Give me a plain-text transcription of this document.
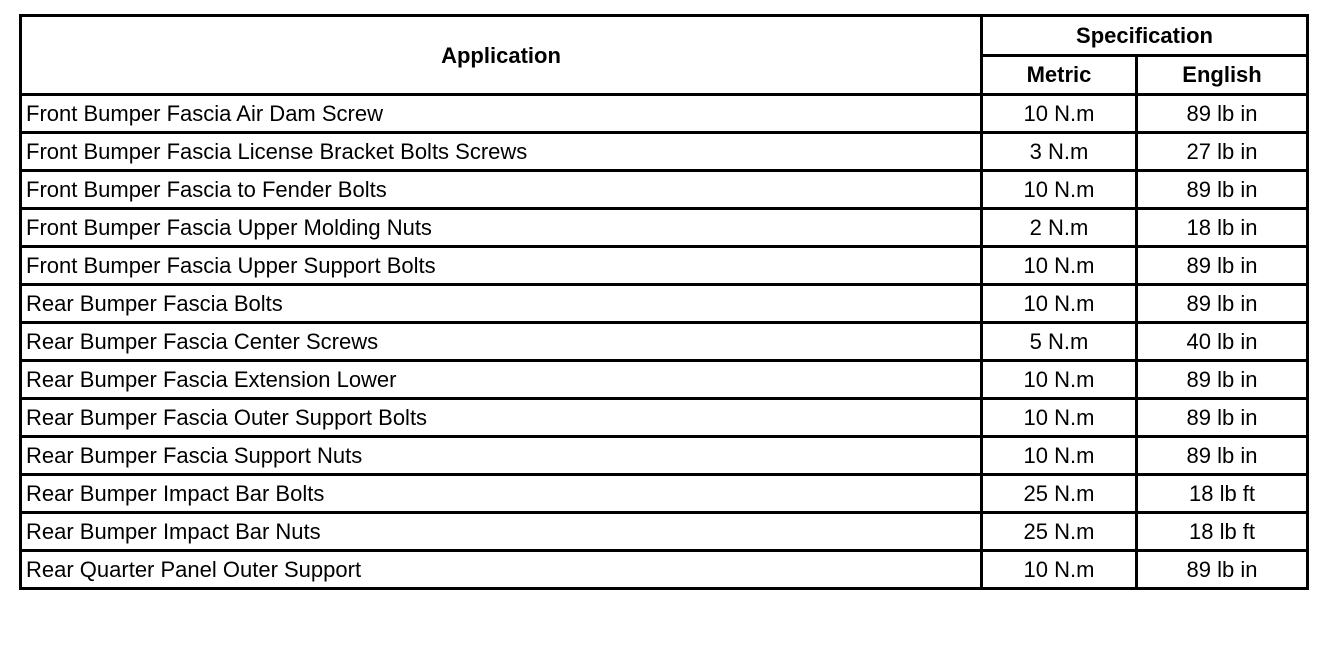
Application	Specification	
	Metric	English
Front Bumper Fascia Air Dam Screw	10 N.m	89 lb in
Front Bumper Fascia License Bracket Bolts Screws	3 N.m	27 lb in
Front Bumper Fascia to Fender Bolts	10 N.m	89 lb in
Front Bumper Fascia Upper Molding Nuts	2 N.m	18 lb in
Front Bumper Fascia Upper Support Bolts	10 N.m	89 lb in
Rear Bumper Fascia Bolts	10 N.m	89 lb in
Rear Bumper Fascia Center Screws	5 N.m	40 lb in
Rear Bumper Fascia Extension Lower	10 N.m	89 lb in
Rear Bumper Fascia Outer Support Bolts	10 N.m	89 lb in
Rear Bumper Fascia Support Nuts	10 N.m	89 lb in
Rear Bumper Impact Bar Bolts	25 N.m	18 lb ft
Rear Bumper Impact Bar Nuts	25 N.m	18 lb ft
Rear Quarter Panel Outer Support	10 N.m	89 lb in
